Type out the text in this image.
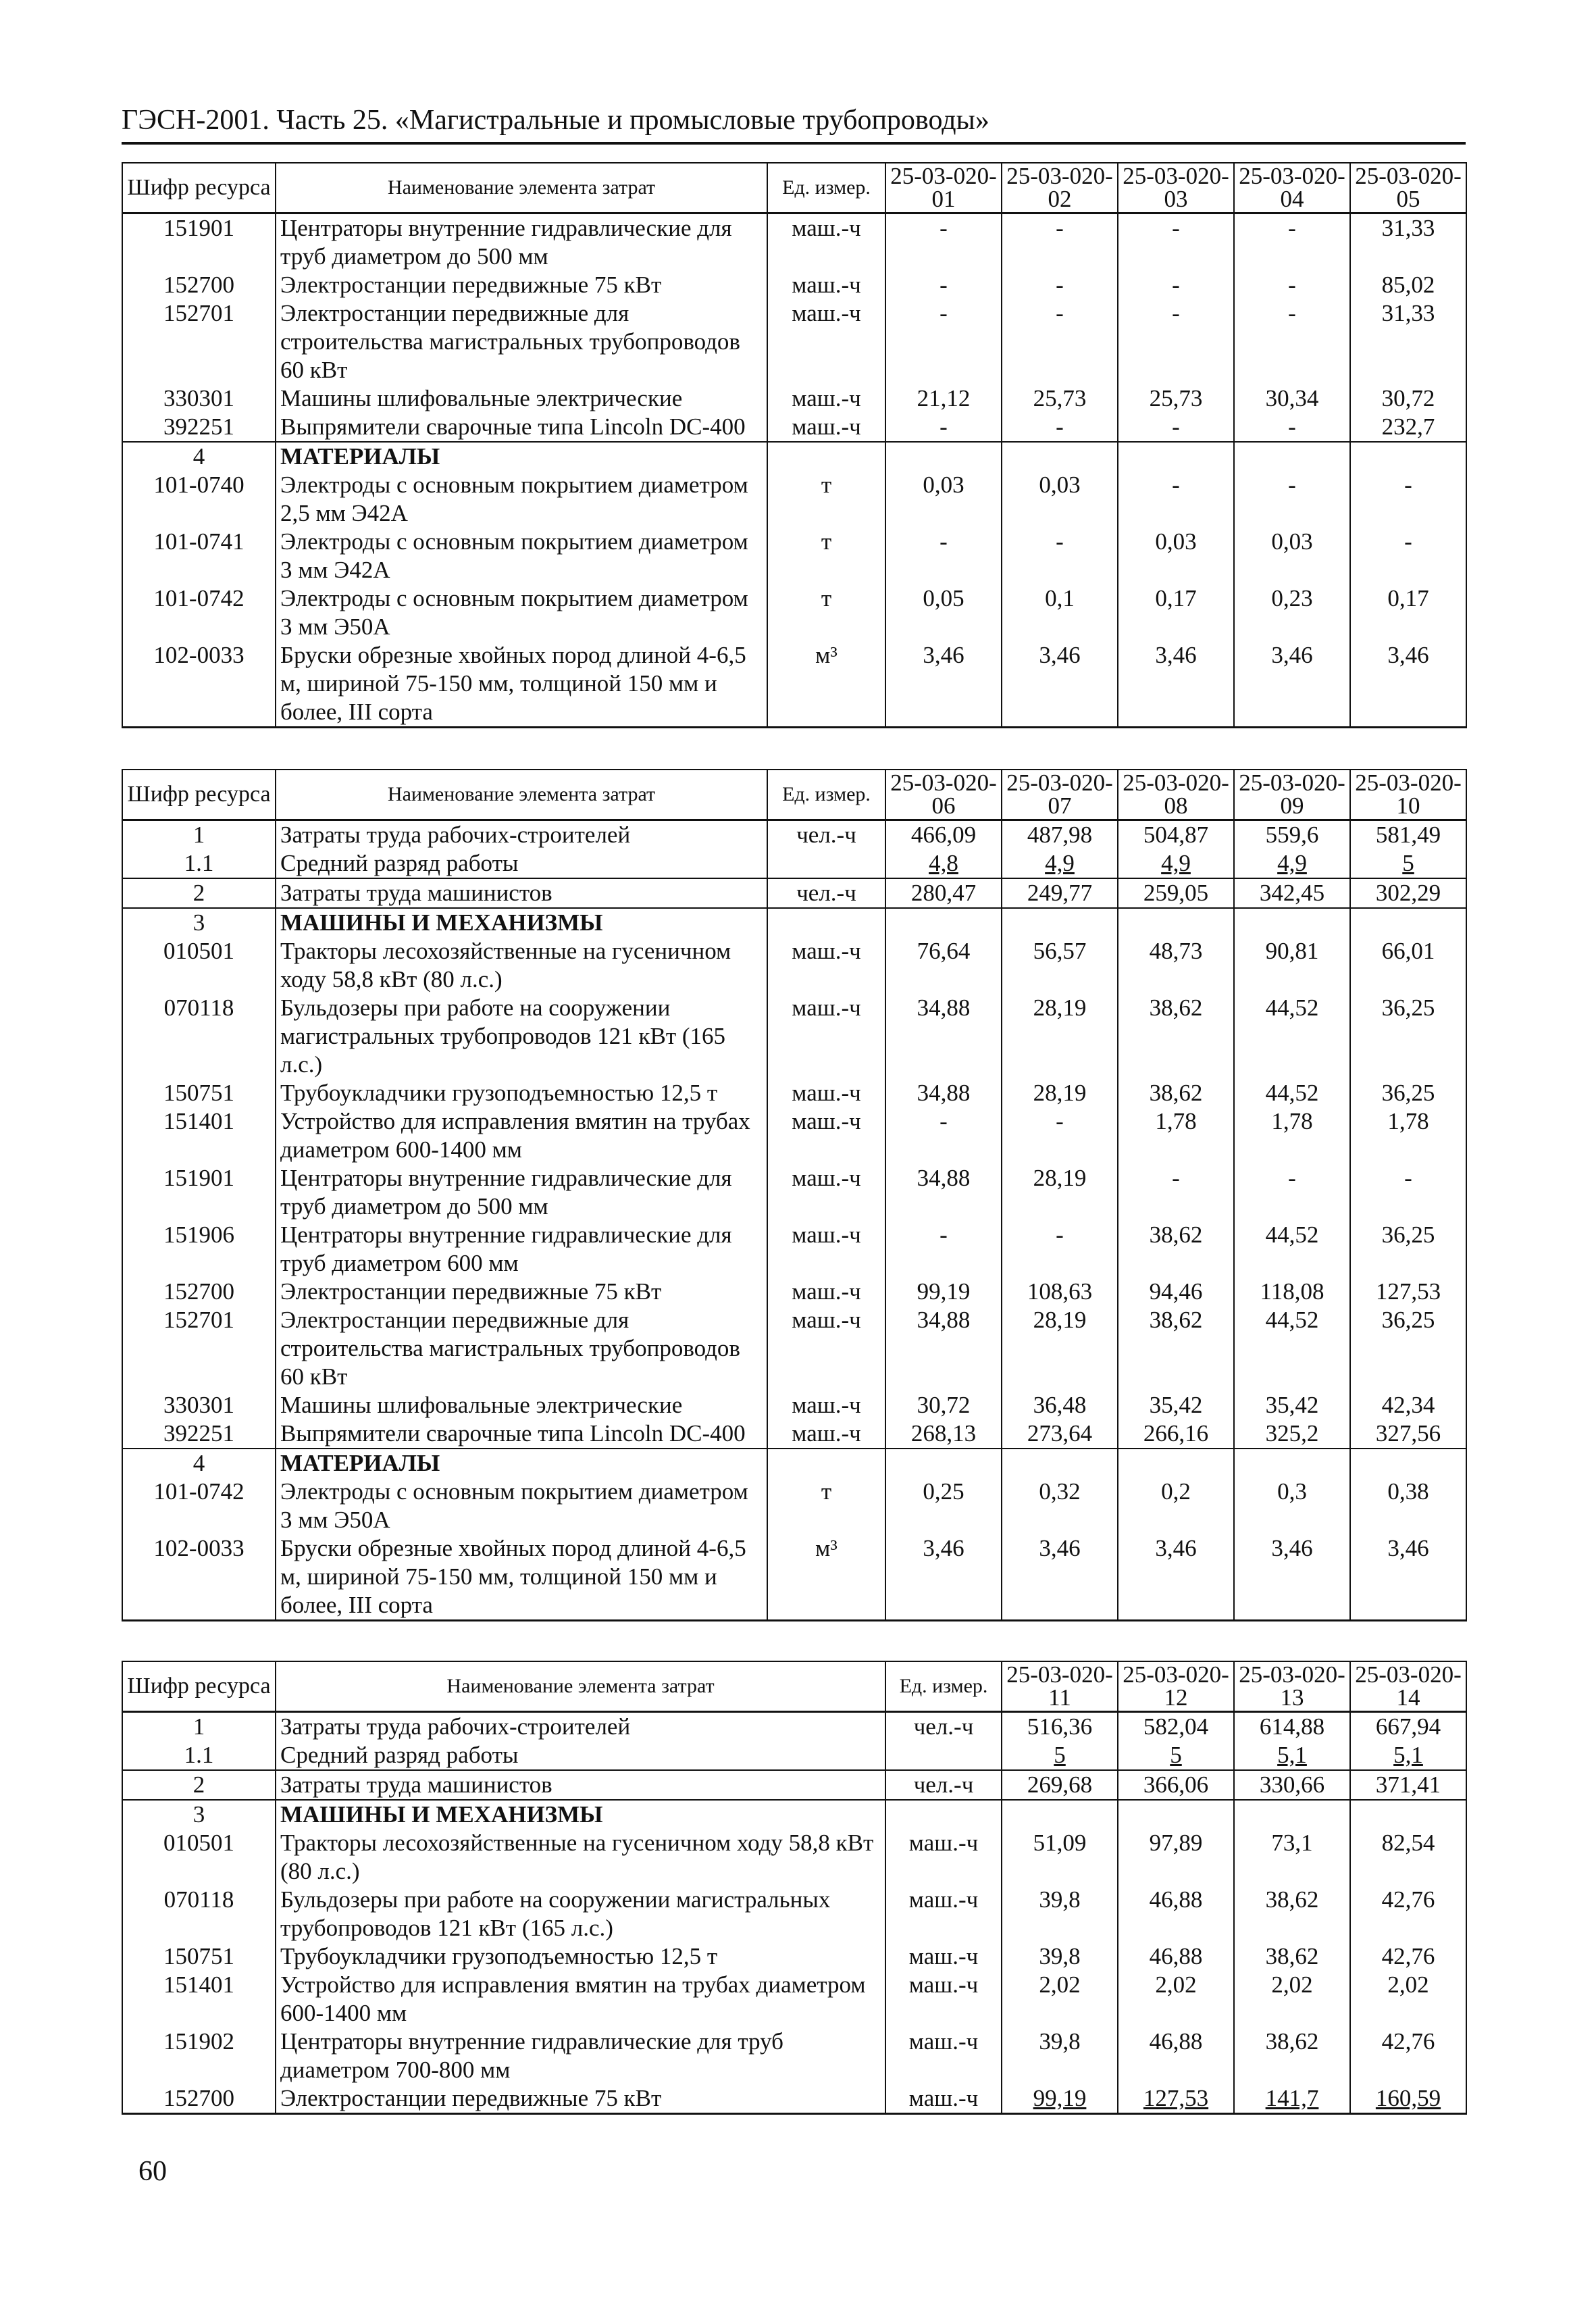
ГЭСН-2001. Часть 25. «Магистральные и промысловые трубопроводы»
Шифр ресурса	Наименование элемента затрат	Ед. измер.	25-03-020-01	25-03-020-02	25-03-020-03	25-03-020-04	25-03-020-05
151901	Центраторы внутренние гидравлические для труб диаметром до 500 мм	маш.-ч	-	-	-	-	31,33
152700	Электростанции передвижные 75 кВт	маш.-ч	-	-	-	-	85,02
152701	Электростанции передвижные для строительства магистральных трубопроводов 60 кВт	маш.-ч	-	-	-	-	31,33
330301	Машины шлифовальные электрические	маш.-ч	21,12	25,73	25,73	30,34	30,72
392251	Выпрямители сварочные типа Lincoln DC-400	маш.-ч	-	-	-	-	232,7
4	МАТЕРИАЛЫ						
101-0740	Электроды с основным покрытием диаметром 2,5 мм Э42А	т	0,03	0,03	-	-	-
101-0741	Электроды с основным покрытием диаметром 3 мм Э42А	т	-	-	0,03	0,03	-
101-0742	Электроды с основным покрытием диаметром 3 мм Э50А	т	0,05	0,1	0,17	0,23	0,17
102-0033	Бруски обрезные хвойных пород длиной 4-6,5 м, шириной 75-150 мм, толщиной 150 мм и более, III сорта	м³	3,46	3,46	3,46	3,46	3,46
Шифр ресурса	Наименование элемента затрат	Ед. измер.	25-03-020-06	25-03-020-07	25-03-020-08	25-03-020-09	25-03-020-10
1	Затраты труда рабочих-строителей	чел.-ч	466,09	487,98	504,87	559,6	581,49
1.1	Средний разряд работы		4,8	4,9	4,9	4,9	5
2	Затраты труда машинистов	чел.-ч	280,47	249,77	259,05	342,45	302,29
3	МАШИНЫ И МЕХАНИЗМЫ						
010501	Тракторы лесохозяйственные на гусеничном ходу 58,8 кВт (80 л.с.)	маш.-ч	76,64	56,57	48,73	90,81	66,01
070118	Бульдозеры при работе на сооружении магистральных трубопроводов 121 кВт (165 л.с.)	маш.-ч	34,88	28,19	38,62	44,52	36,25
150751	Трубоукладчики грузоподъемностью 12,5 т	маш.-ч	34,88	28,19	38,62	44,52	36,25
151401	Устройство для исправления вмятин на трубах диаметром 600-1400 мм	маш.-ч	-	-	1,78	1,78	1,78
151901	Центраторы внутренние гидравлические для труб диаметром до 500 мм	маш.-ч	34,88	28,19	-	-	-
151906	Центраторы внутренние гидравлические для труб диаметром 600 мм	маш.-ч	-	-	38,62	44,52	36,25
152700	Электростанции передвижные 75 кВт	маш.-ч	99,19	108,63	94,46	118,08	127,53
152701	Электростанции передвижные для строительства магистральных трубопроводов 60 кВт	маш.-ч	34,88	28,19	38,62	44,52	36,25
330301	Машины шлифовальные электрические	маш.-ч	30,72	36,48	35,42	35,42	42,34
392251	Выпрямители сварочные типа Lincoln DC-400	маш.-ч	268,13	273,64	266,16	325,2	327,56
4	МАТЕРИАЛЫ						
101-0742	Электроды с основным покрытием диаметром 3 мм Э50А	т	0,25	0,32	0,2	0,3	0,38
102-0033	Бруски обрезные хвойных пород длиной 4-6,5 м, шириной 75-150 мм, толщиной 150 мм и более, III сорта	м³	3,46	3,46	3,46	3,46	3,46
Шифр ресурса	Наименование элемента затрат	Ед. измер.	25-03-020-11	25-03-020-12	25-03-020-13	25-03-020-14
1	Затраты труда рабочих-строителей	чел.-ч	516,36	582,04	614,88	667,94
1.1	Средний разряд работы		5	5	5,1	5,1
2	Затраты труда машинистов	чел.-ч	269,68	366,06	330,66	371,41
3	МАШИНЫ И МЕХАНИЗМЫ					
010501	Тракторы лесохозяйственные на гусеничном ходу 58,8 кВт (80 л.с.)	маш.-ч	51,09	97,89	73,1	82,54
070118	Бульдозеры при работе на сооружении магистральных трубопроводов 121 кВт (165 л.с.)	маш.-ч	39,8	46,88	38,62	42,76
150751	Трубоукладчики грузоподъемностью 12,5 т	маш.-ч	39,8	46,88	38,62	42,76
151401	Устройство для исправления вмятин на трубах диаметром 600-1400 мм	маш.-ч	2,02	2,02	2,02	2,02
151902	Центраторы внутренние гидравлические для труб диаметром 700-800 мм	маш.-ч	39,8	46,88	38,62	42,76
152700	Электростанции передвижные 75 кВт	маш.-ч	99,19	127,53	141,7	160,59
60
